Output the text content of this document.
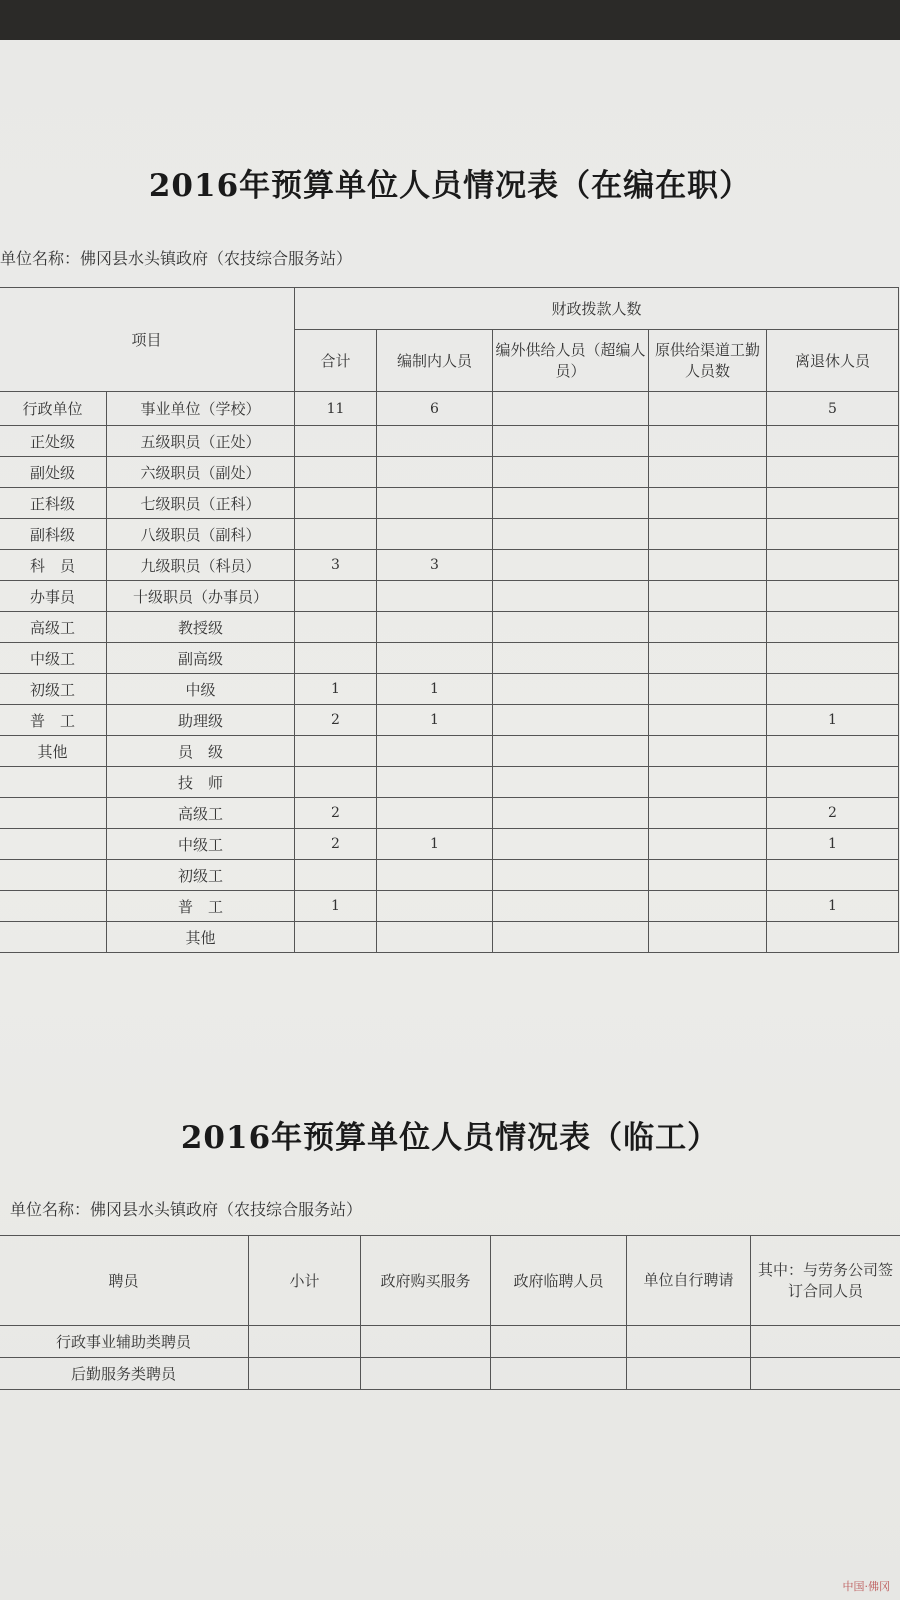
2016年预算单位人员情况表（在编在职）
单位名称：佛冈县水头镇政府（农技综合服务站）
项目		财政拨款人数				
		合计	编制内人员	编外供给人员（超编人员）	原供给渠道工勤人员数	离退休人员
行政单位	事业单位（学校）	11	6			5
正处级	五级职员（正处）					
副处级	六级职员（副处）					
正科级	七级职员（正科）					
副科级	八级职员（副科）					
科　员	九级职员（科员）	3	3			
办事员	十级职员（办事员）					
高级工	教授级					
中级工	副高级					
初级工	中级	1	1			
普　工	助理级	2	1			1
其他	员　级					
	技　师					
	高级工	2				2
	中级工	2	1			1
	初级工					
	普　工	1				1
	其他					
2016年预算单位人员情况表（临工）
单位名称：佛冈县水头镇政府（农技综合服务站）
聘员	小计	政府购买服务	政府临聘人员	单位自行聘请	其中：与劳务公司签订合同人员
行政事业辅助类聘员					
后勤服务类聘员					
中国·佛冈
